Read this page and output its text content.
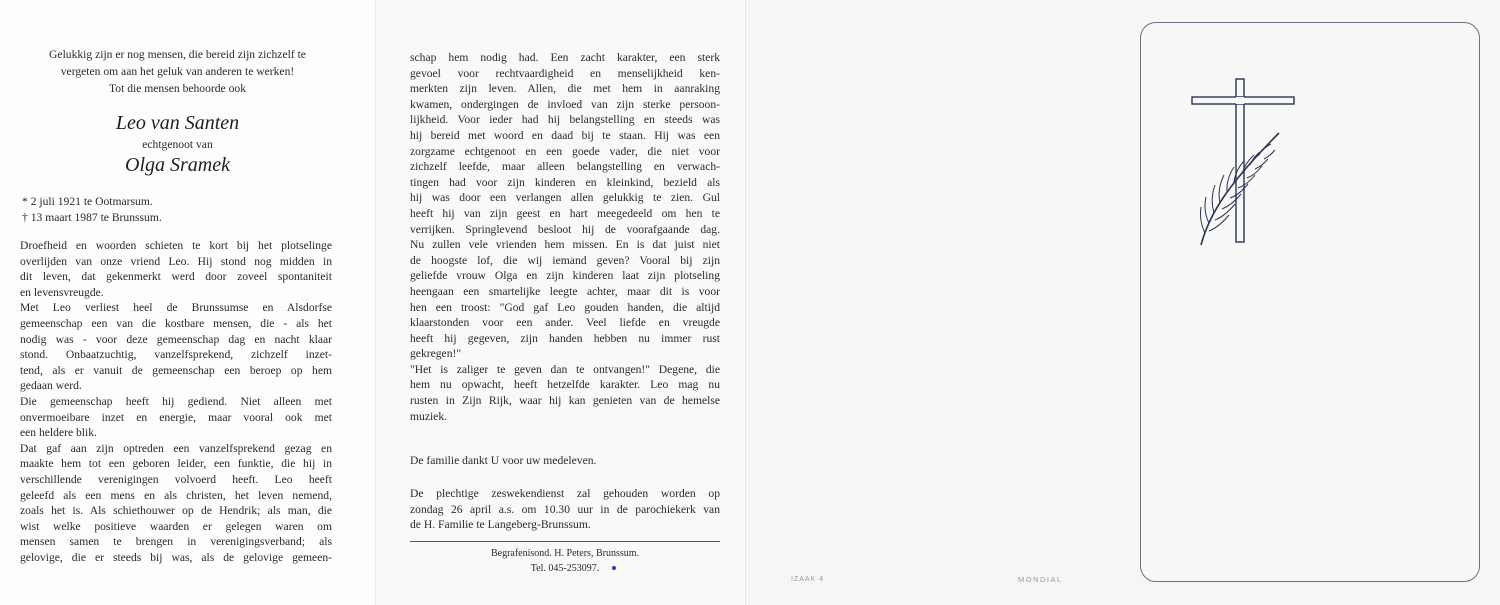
Gelukkig zijn er nog mensen, die bereid zijn zichzelf te
vergeten om aan het geluk van anderen te werken!
Tot die mensen behoorde ook
Leo van Santen
echtgenoot van
Olga Sramek
* 2 juli 1921 te Ootmarsum.
† 13 maart 1987 te Brunssum.
Droefheid en woorden schieten te kort bij het plotselinge
overlijden van onze vriend Leo. Hij stond nog midden in
dit leven, dat gekenmerkt werd door zoveel spontaniteit
en levensvreugde.
Met Leo verliest heel de Brunssumse en Alsdorfse
gemeenschap een van die kostbare mensen, die - als het
nodig was - voor deze gemeenschap dag en nacht klaar
stond. Onbaatzuchtig, vanzelfsprekend, zichzelf inzet-
tend, als er vanuit de gemeenschap een beroep op hem
gedaan werd.
Die gemeenschap heeft hij gediend. Niet alleen met
onvermoeibare inzet en energie, maar vooral ook met
een heldere blik.
Dat gaf aan zijn optreden een vanzelfsprekend gezag en
maakte hem tot een geboren leider, een funktie, die hij in
verschillende verenigingen volvoerd heeft. Leo heeft
geleefd als een mens en als christen, het leven nemend,
zoals het is. Als schiethouwer op de Hendrik; als man, die
wist welke positieve waarden er gelegen waren om
mensen samen te brengen in verenigingsverband; als
gelovige, die er steeds bij was, als de gelovige gemeen-
schap hem nodig had. Een zacht karakter, een sterk
gevoel voor rechtvaardigheid en menselijkheid ken-
merkten zijn leven. Allen, die met hem in aanraking
kwamen, ondergingen de invloed van zijn sterke persoon-
lijkheid. Voor ieder had hij belangstelling en steeds was
hij bereid met woord en daad bij te staan. Hij was een
zorgzame echtgenoot en een goede vader, die niet voor
zichzelf leefde, maar alleen belangstelling en verwach-
tingen had voor zijn kinderen en kleinkind, bezield als
hij was door een verlangen allen gelukkig te zien. Gul
heeft hij van zijn geest en hart meegedeeld om hen te
verrijken. Springlevend besloot hij de voorafgaande dag.
Nu zullen vele vrienden hem missen. En is dat juist niet
de hoogste lof, die wij iemand geven? Vooral bij zijn
geliefde vrouw Olga en zijn kinderen laat zijn plotseling
heengaan een smartelijke leegte achter, maar dit is voor
hen een troost: "God gaf Leo gouden handen, die altijd
klaarstonden voor een ander. Veel liefde en vreugde
heeft hij gegeven, zijn handen hebben nu immer rust
gekregen!"
"Het is zaliger te geven dan te ontvangen!" Degene, die
hem nu opwacht, heeft hetzelfde karakter. Leo mag nu
rusten in Zijn Rijk, waar hij kan genieten van de hemelse
muziek.
De familie dankt U voor uw medeleven.
De plechtige zeswekendienst zal gehouden worden op
zondag 26 april a.s. om 10.30 uur in de parochiekerk van
de H. Familie te Langeberg-Brunssum.
Begrafenisond. H. Peters, Brunssum.
Tel. 045-253097.
IZAAK 4	MONDIAL
